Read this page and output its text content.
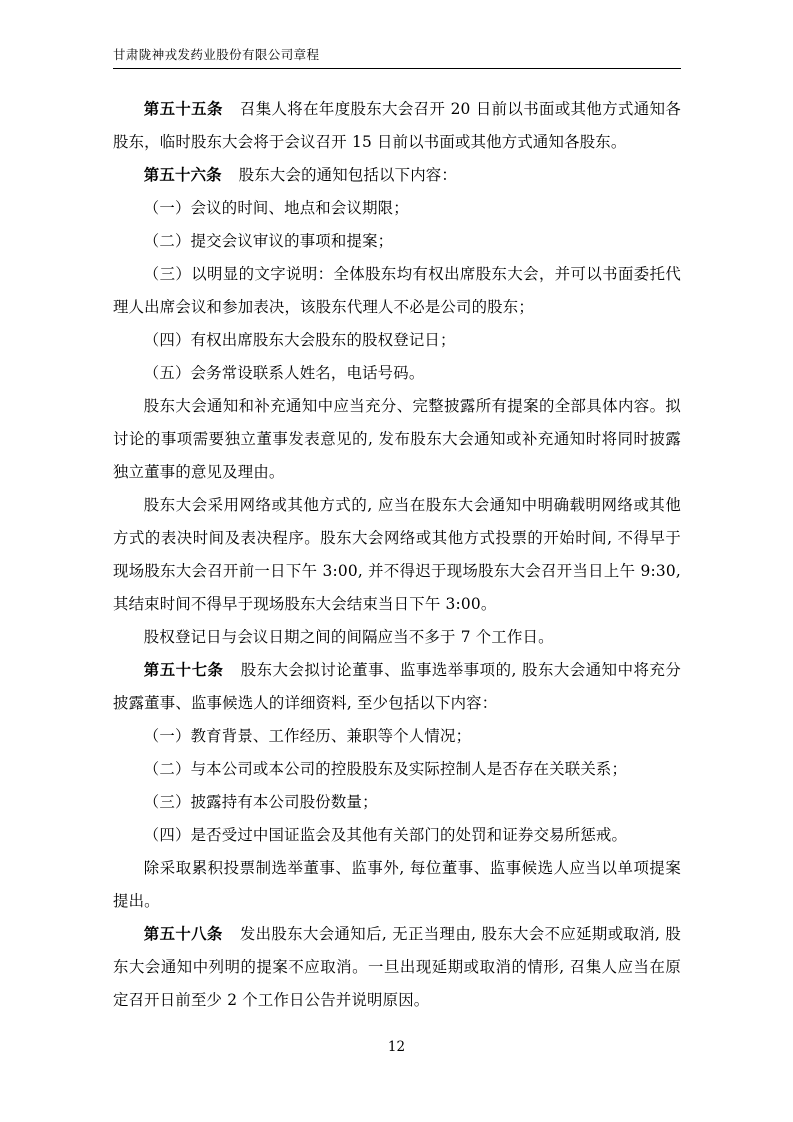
甘肃陇神戎发药业股份有限公司章程

第五十五条 召集人将在年度股东大会召开 20 日前以书面或其他方式通知各股东，临时股东大会将于会议召开 15 日前以书面或其他方式通知各股东。

第五十六条 股东大会的通知包括以下内容：

（一）会议的时间、地点和会议期限；

（二）提交会议审议的事项和提案；

（三）以明显的文字说明：全体股东均有权出席股东大会，并可以书面委托代理人出席会议和参加表决，该股东代理人不必是公司的股东；

（四）有权出席股东大会股东的股权登记日；

（五）会务常设联系人姓名，电话号码。

股东大会通知和补充通知中应当充分、完整披露所有提案的全部具体内容。拟讨论的事项需要独立董事发表意见的, 发布股东大会通知或补充通知时将同时披露独立董事的意见及理由。

股东大会采用网络或其他方式的, 应当在股东大会通知中明确载明网络或其他方式的表决时间及表决程序。股东大会网络或其他方式投票的开始时间, 不得早于现场股东大会召开前一日下午 3:00, 并不得迟于现场股东大会召开当日上午 9:30, 其结束时间不得早于现场股东大会结束当日下午 3:00。

股权登记日与会议日期之间的间隔应当不多于 7 个工作日。

第五十七条 股东大会拟讨论董事、监事选举事项的, 股东大会通知中将充分披露董事、监事候选人的详细资料, 至少包括以下内容：

（一）教育背景、工作经历、兼职等个人情况；

（二）与本公司或本公司的控股股东及实际控制人是否存在关联关系；

（三）披露持有本公司股份数量；

（四）是否受过中国证监会及其他有关部门的处罚和证券交易所惩戒。

除采取累积投票制选举董事、监事外, 每位董事、监事候选人应当以单项提案提出。

第五十八条 发出股东大会通知后, 无正当理由, 股东大会不应延期或取消, 股东大会通知中列明的提案不应取消。一旦出现延期或取消的情形, 召集人应当在原定召开日前至少 2 个工作日公告并说明原因。

12
